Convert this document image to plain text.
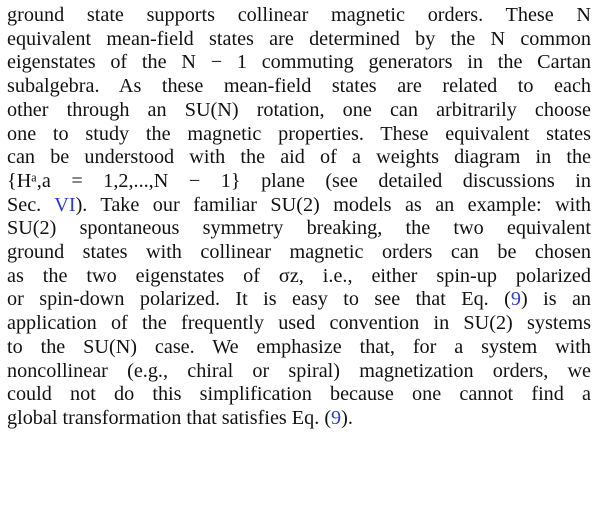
ground state supports collinear magnetic orders. These N
equivalent mean-field states are determined by the N common
eigenstates of the N − 1 commuting generators in the Cartan
subalgebra. As these mean-field states are related to each
other through an SU(N) rotation, one can arbitrarily choose
one to study the magnetic properties. These equivalent states
can be understood with the aid of a weights diagram in the
{Hᵃ,a = 1,2,...,N − 1} plane (see detailed discussions in
Sec. VI). Take our familiar SU(2) models as an example: with
SU(2) spontaneous symmetry breaking, the two equivalent
ground states with collinear magnetic orders can be chosen
as the two eigenstates of σz, i.e., either spin-up polarized
or spin-down polarized. It is easy to see that Eq. (9) is an
application of the frequently used convention in SU(2) systems
to the SU(N) case. We emphasize that, for a system with
noncollinear (e.g., chiral or spiral) magnetization orders, we
could not do this simplification because one cannot find a
global transformation that satisfies Eq. (9).
